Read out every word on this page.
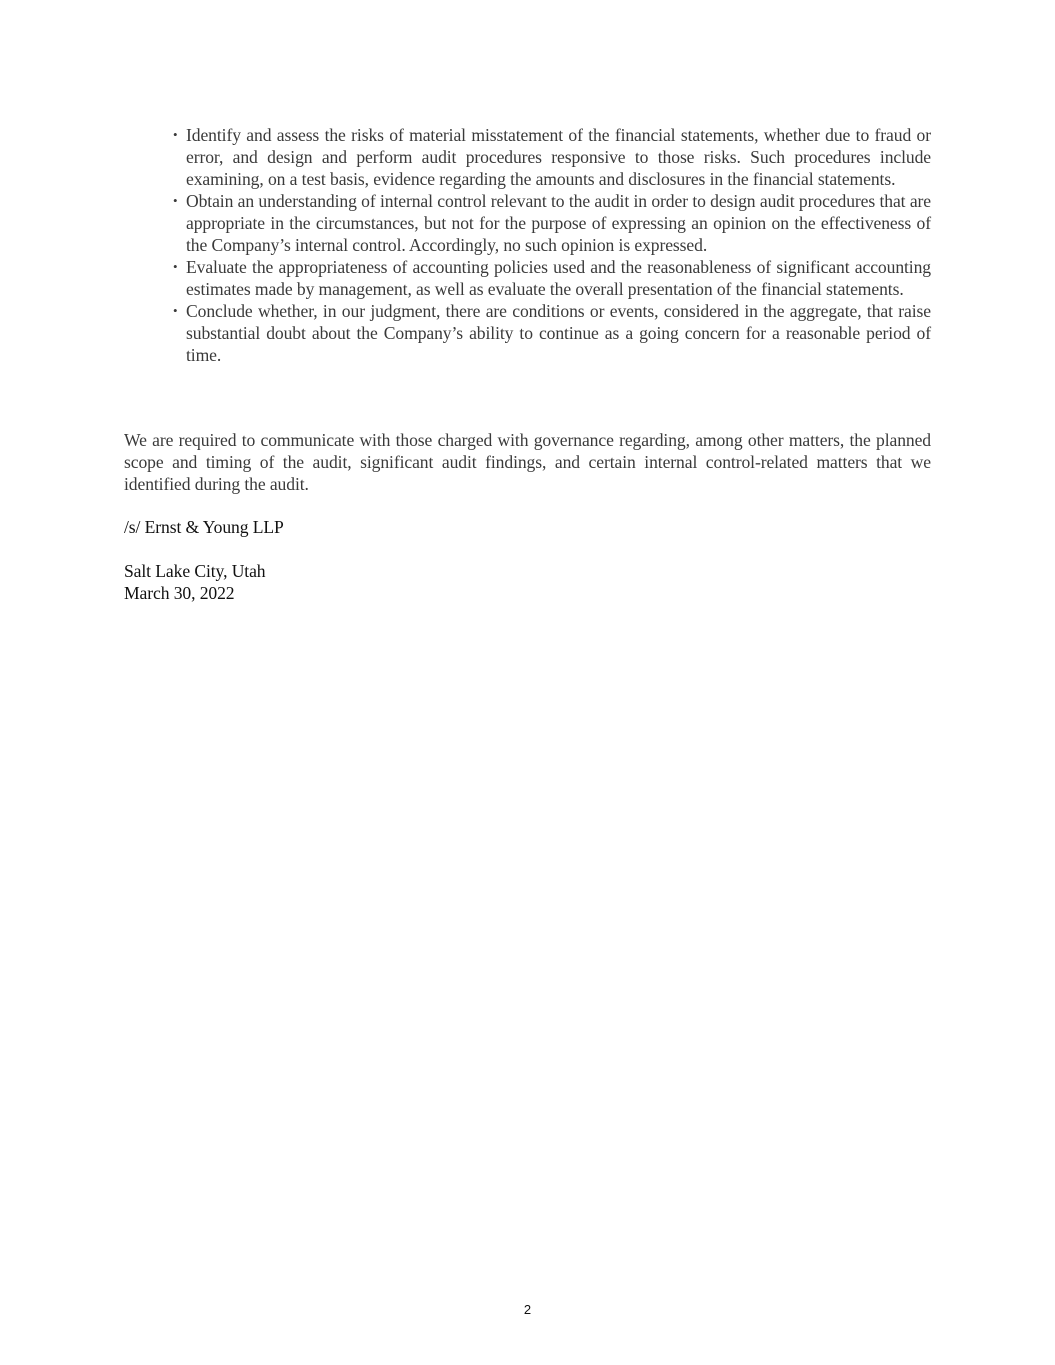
• Identify and assess the risks of material misstatement of the financial statements, whether due to fraud or error, and design and perform audit procedures responsive to those risks. Such procedures include examining, on a test basis, evidence regarding the amounts and disclosures in the financial statements.
• Obtain an understanding of internal control relevant to the audit in order to design audit procedures that are appropriate in the circumstances, but not for the purpose of expressing an opinion on the effectiveness of the Company’s internal control. Accordingly, no such opinion is expressed.
• Evaluate the appropriateness of accounting policies used and the reasonableness of significant accounting estimates made by management, as well as evaluate the overall presentation of the financial statements.
• Conclude whether, in our judgment, there are conditions or events, considered in the aggregate, that raise substantial doubt about the Company’s ability to continue as a going concern for a reasonable period of time.

We are required to communicate with those charged with governance regarding, among other matters, the planned scope and timing of the audit, significant audit findings, and certain internal control-related matters that we identified during the audit.

/s/ Ernst & Young LLP

Salt Lake City, Utah

March 30, 2022

2
